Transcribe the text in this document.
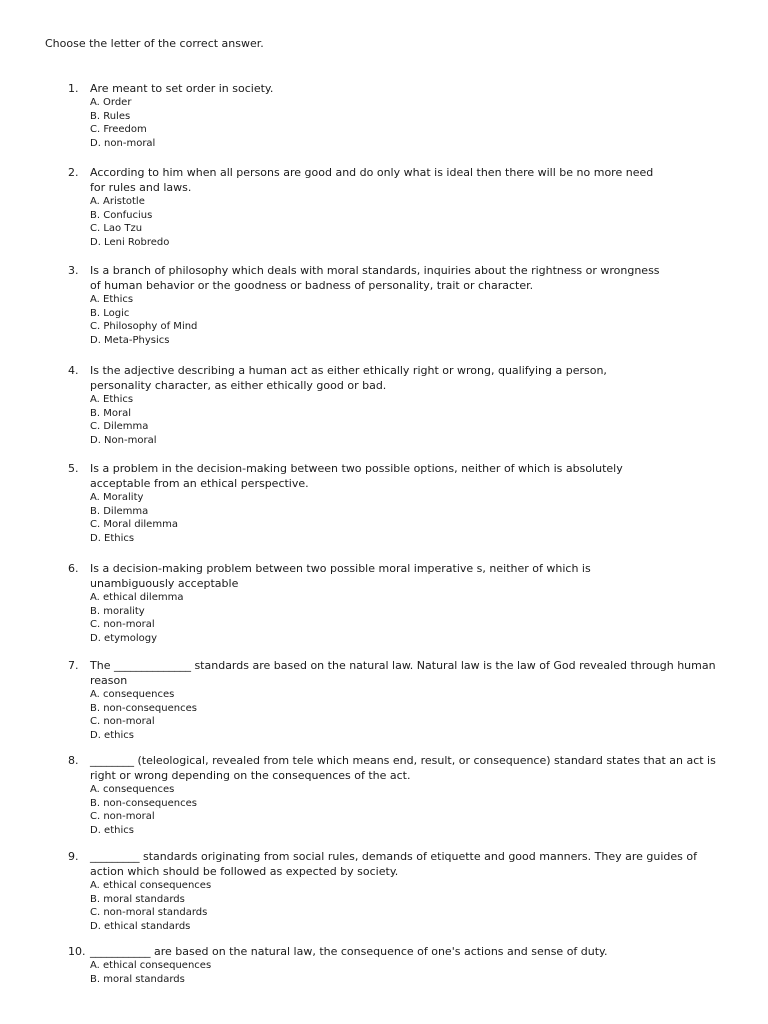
Choose the letter of the correct answer.
1. Are meant to set order in society.
A. Order
B. Rules
C. Freedom
D. non-moral
2. According to him when all persons are good and do only what is ideal then there will be no more need
for rules and laws.
A. Aristotle
B. Confucius
C. Lao Tzu
D. Leni Robredo
3. Is a branch of philosophy which deals with moral standards, inquiries about the rightness or wrongness
of human behavior or the goodness or badness of personality, trait or character.
A. Ethics
B. Logic
C. Philosophy of Mind
D. Meta-Physics
4. Is the adjective describing a human act as either ethically right or wrong, qualifying a person,
personality character, as either ethically good or bad.
A. Ethics
B. Moral
C. Dilemma
D. Non-moral
5. Is a problem in the decision-making between two possible options, neither of which is absolutely
acceptable from an ethical perspective.
A. Morality
B. Dilemma
C. Moral dilemma
D. Ethics
6. Is a decision-making problem between two possible moral imperative s, neither of which is
unambiguously acceptable
A. ethical dilemma
B. morality
C. non-moral
D. etymology
7. The ______________ standards are based on the natural law. Natural law is the law of God revealed through human
reason
A. consequences
B. non-consequences
C. non-moral
D. ethics
8. ________ (teleological, revealed from tele which means end, result, or consequence) standard states that an act is
right or wrong depending on the consequences of the act.
A. consequences
B. non-consequences
C. non-moral
D. ethics
9. _________ standards originating from social rules, demands of etiquette and good manners. They are guides of
action which should be followed as expected by society.
A. ethical consequences
B. moral standards
C. non-moral standards
D. ethical standards
10. ___________ are based on the natural law, the consequence of one's actions and sense of duty.
A. ethical consequences
B. moral standards
